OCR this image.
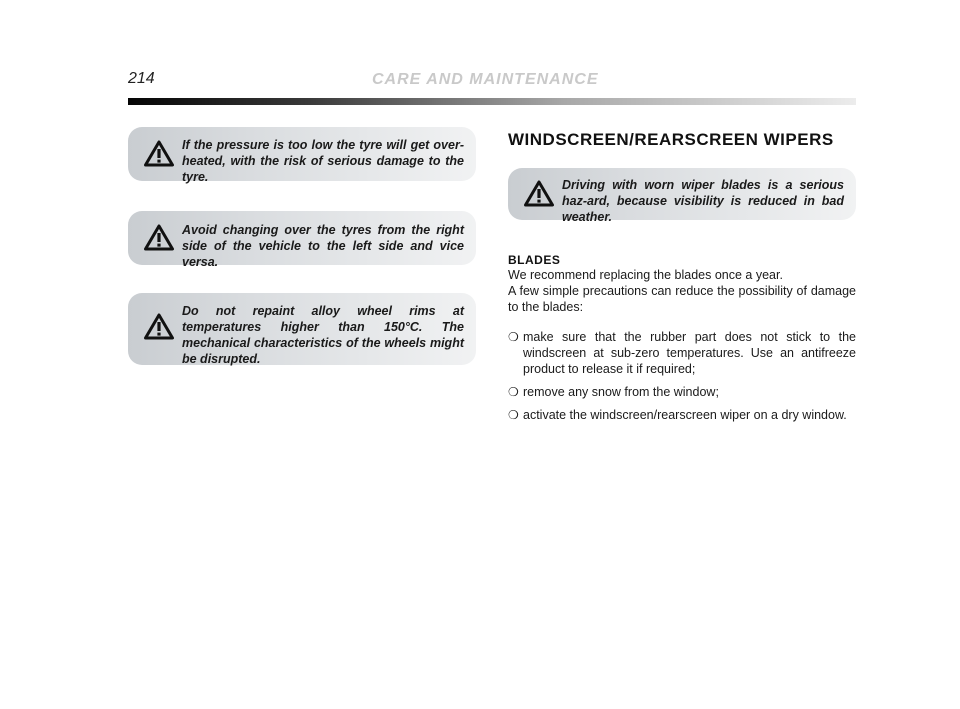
214	CARE AND MAINTENANCE
If the pressure is too low the tyre will get over-heated, with the risk of serious damage to the tyre.
Avoid changing over the tyres from the right side of the vehicle to the left side and vice versa.
Do not repaint alloy wheel rims at temperatures higher than 150°C. The mechanical characteristics of the wheels might be disrupted.
WINDSCREEN/REARSCREEN WIPERS
Driving with worn wiper blades is a serious haz-ard, because visibility is reduced in bad weather.
BLADES
We recommend replacing the blades once a year.
A few simple precautions can reduce the possibility of damage to the blades:
❍ make sure that the rubber part does not stick to the windscreen at sub-zero temperatures. Use an antifreeze product to release it if required;
❍ remove any snow from the window;
❍ activate the windscreen/rearscreen wiper on a dry window.
